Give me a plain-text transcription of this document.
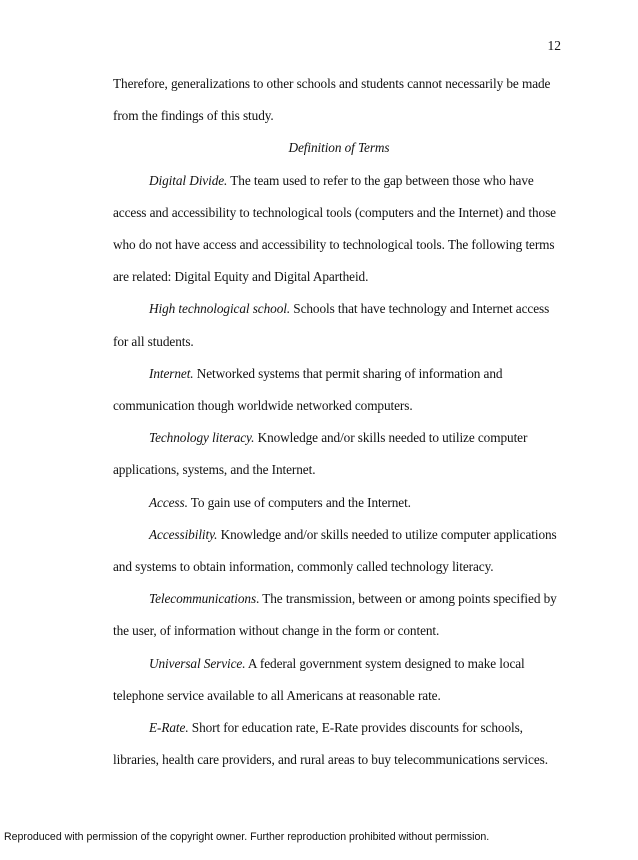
12

Therefore, generalizations to other schools and students cannot necessarily be made from the findings of this study.

Definition of Terms

Digital Divide. The team used to refer to the gap between those who have access and accessibility to technological tools (computers and the Internet) and those who do not have access and accessibility to technological tools. The following terms are related: Digital Equity and Digital Apartheid.

High technological school. Schools that have technology and Internet access for all students.

Internet. Networked systems that permit sharing of information and communication though worldwide networked computers.

Technology literacy. Knowledge and/or skills needed to utilize computer applications, systems, and the Internet.

Access. To gain use of computers and the Internet.

Accessibility. Knowledge and/or skills needed to utilize computer applications and systems to obtain information, commonly called technology literacy.

Telecommunications. The transmission, between or among points specified by the user, of information without change in the form or content.

Universal Service. A federal government system designed to make local telephone service available to all Americans at reasonable rate.

E-Rate. Short for education rate, E-Rate provides discounts for schools, libraries, health care providers, and rural areas to buy telecommunications services.

Reproduced with permission of the copyright owner. Further reproduction prohibited without permission.
